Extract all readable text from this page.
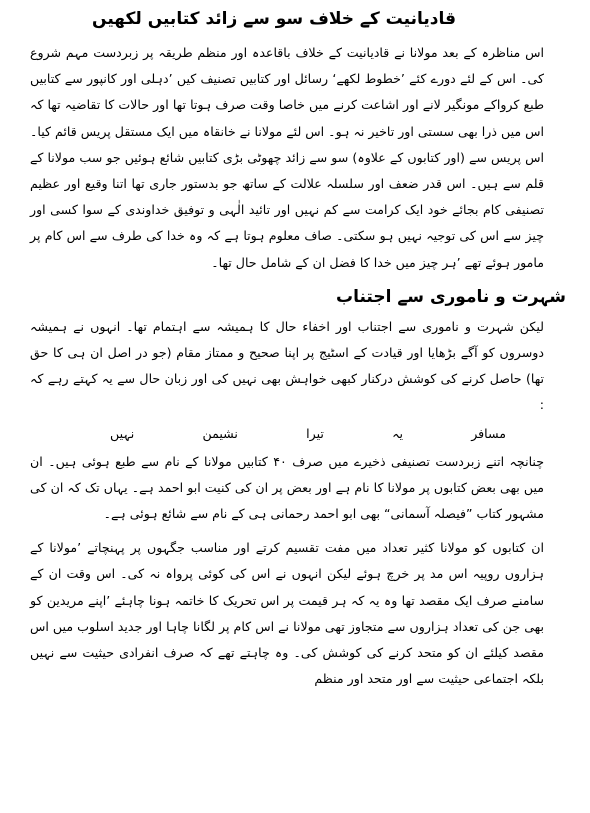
قادیانیت کے خلاف سو سے زائد کتابیں لکھیں

اس مناظرہ کے بعد مولانا نے قادیانیت کے خلاف باقاعدہ اور منظم طریقہ پر زبردست مہم شروع کی۔ اس کے لئے دورے کئے ’خطوط لکھے‘ رسائل اور کتابیں تصنیف کیں ’دہلی اور کانپور سے کتابیں طبع کرواکے مونگیر لانے اور اشاعت کرنے میں خاصا وقت صرف ہوتا تھا اور حالات کا تقاضیہ تھا کہ اس میں ذرا بھی سستی اور تاخیر نہ ہو۔ اس لئے مولانا نے خانقاہ میں ایک مستقل پریس قائم کیا۔ اس پریس سے (اور کتابوں کے علاوہ) سو سے زائد چھوٹی بڑی کتابیں شائع ہوئیں جو سب مولانا کے قلم سے ہیں۔ اس قدر ضعف اور سلسلہ علالت کے ساتھ جو بدستور جاری تھا اتنا وقیع اور عظیم تصنیفی کام بجائے خود ایک کرامت سے کم نہیں اور تائید الٰہی و توفیق خداوندی کے سوا کسی اور چیز سے اس کی توجیہ نہیں ہو سکتی۔ صاف معلوم ہوتا ہے کہ وہ خدا کی طرف سے اس کام پر مامور ہوئے تھے ’ہر چیز میں خدا کا فضل ان کے شامل حال تھا۔

شہرت و ناموری سے اجتناب

لیکن شہرت و ناموری سے اجتناب اور اخفاء حال کا ہمیشہ سے اہتمام تھا۔ انہوں نے ہمیشہ دوسروں کو آگے بڑھایا اور قیادت کے اسٹیج پر اپنا صحیح و ممتاز مقام (جو در اصل ان ہی کا حق تھا) حاصل کرنے کی کوشش درکنار کبھی خواہش بھی نہیں کی اور زبان حال سے یہ کہتے رہے کہ :

مسافر
یہ
تیرا
نشیمن
نہیں

چنانچہ اتنے زبردست تصنیفی ذخیرے میں صرف ۴۰ کتابیں مولانا کے نام سے طبع ہوئی ہیں۔ ان میں بھی بعض کتابوں پر مولانا کا نام ہے اور بعض پر ان کی کنیت ابو احمد ہے۔ یہاں تک کہ ان کی مشہور کتاب ”فیصلہ آسمانی“ بھی ابو احمد رحمانی ہی کے نام سے شائع ہوئی ہے۔

ان کتابوں کو مولانا کثیر تعداد میں مفت تقسیم کرتے اور مناسب جگہوں پر پہنچاتے ’مولانا کے ہزاروں روپیہ اس مد پر خرچ ہوئے لیکن انہوں نے اس کی کوئی پرواہ نہ کی۔ اس وقت ان کے سامنے صرف ایک مقصد تھا وہ یہ کہ ہر قیمت پر اس تحریک کا خاتمہ ہونا چاہئے ’اپنے مریدین کو بھی جن کی تعداد ہزاروں سے متجاوز تھی مولانا نے اس کام پر لگانا چاہا اور جدید اسلوب میں اس مقصد کیلئے ان کو متحد کرنے کی کوشش کی۔ وہ چاہتے تھے کہ صرف انفرادی حیثیت سے نہیں بلکہ اجتماعی حیثیت سے اور متحد اور منظم
